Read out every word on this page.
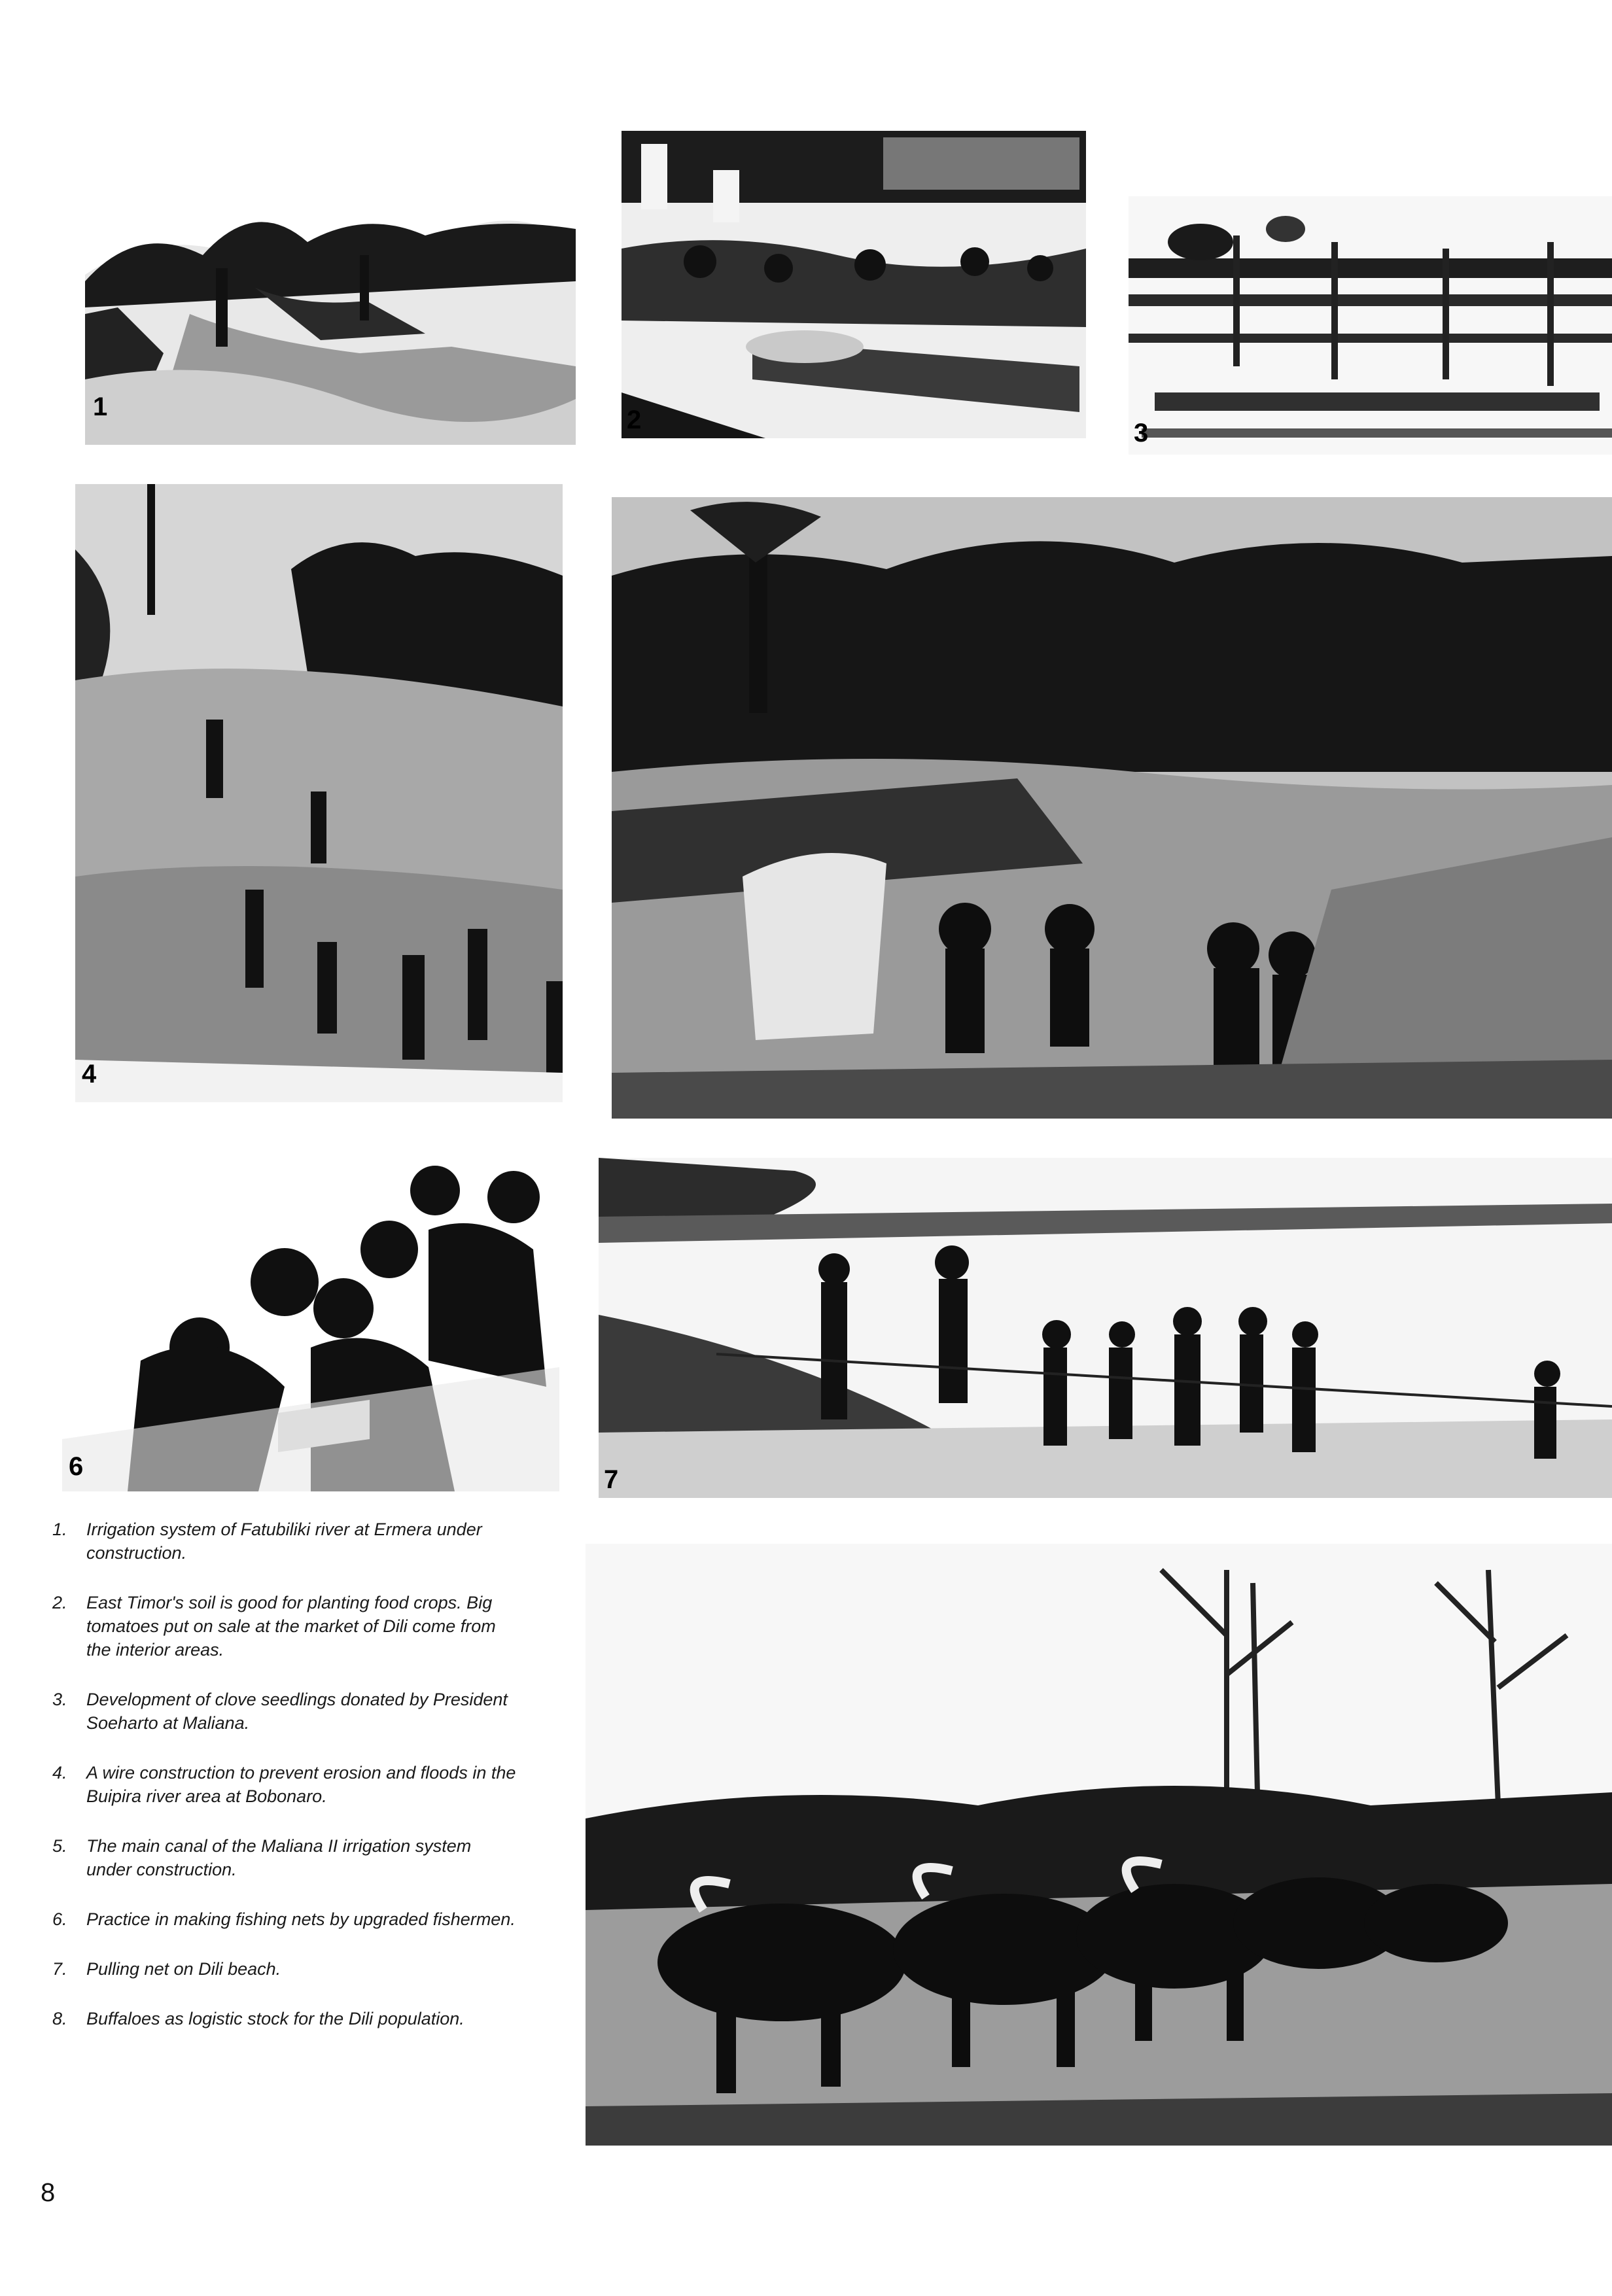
1	2	3
4
6	7
1. Irrigation system of Fatubiliki river at Ermera under construction.
2. East Timor's soil is good for planting food crops. Big tomatoes put on sale at the market of Dili come from the interior areas.
3. Development of clove seedlings donated by President Soeharto at Maliana.
4. A wire construction to prevent erosion and floods in the Buipira river area at Bobonaro.
5. The main canal of the Maliana II irrigation system under construction.
6. Practice in making fishing nets by upgraded fishermen.
7. Pulling net on Dili beach.
8. Buffaloes as logistic stock for the Dili population.
8
